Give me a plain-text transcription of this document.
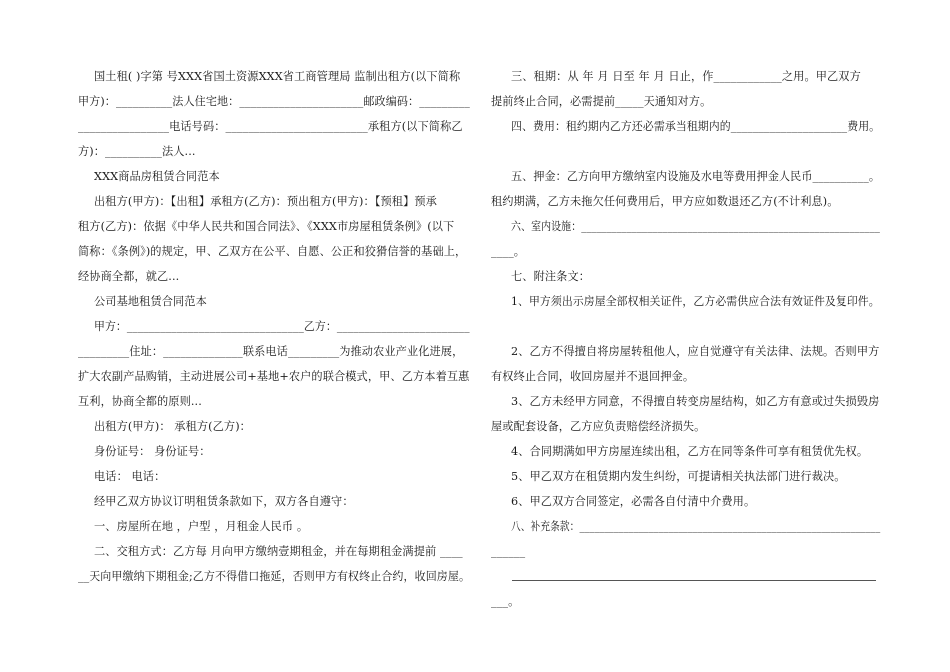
国土租( )字第 号XXX省国土资源XXX省工商管理局 监制出租方(以下简称
甲方)：__________法人住宅地：______________________邮政编码：_________
________________电话号码：_________________________承租方(以下简称乙
方)：__________法人...
XXX商品房租赁合同范本
出租方(甲方)：【出租】承租方(乙方)：预出租方(甲方)：【预租】预承
租方(乙方)：依据《中华人民共和国合同法》、《XXX市房屋租赁条例》(以下
简称：《条例》)的规定，甲、乙双方在公平、自愿、公正和狡猾信誉的基础上，
经协商全都，就乙...
公司基地租赁合同范本
甲方：________________________________乙方：________________________
_________住址：______________联系电话_________为推动农业产业化进展，
扩大农副产品购销，主动进展公司+基地+农户的联合模式，甲、乙方本着互惠
互利，协商全都的原则...
出租方(甲方)： 承租方(乙方)：
身份证号： 身份证号：
电话： 电话：
经甲乙双方协议订明租赁条款如下，双方各自遵守：
一、房屋所在地 ，户型 ，月租金人民币 。
二、交租方式：乙方每 月向甲方缴纳壹期租金，并在每期租金满提前 ____
__天向甲缴纳下期租金;乙方不得借口拖延，否则甲方有权终止合约，收回房屋。
三、租期：从 年 月 日至 年 月 日止，作____________之用。甲乙双方
提前终止合同，必需提前_____天通知对方。
四、费用：租约期内乙方还必需承当租期内的_____________________费用。
五、押金：乙方向甲方缴纳室内设施及水电等费用押金人民币__________。
租约期满，乙方未拖欠任何费用后，甲方应如数退还乙方(不计利息)。
六、室内设施：___________________________________________________________
____。
七、附注条文：
1、甲方须出示房屋全部权相关证件，乙方必需供应合法有效证件及复印件。
2、乙方不得擅自将房屋转租他人，应自觉遵守有关法律、法规。否则甲方
有权终止合同，收回房屋并不退回押金。
3、乙方未经甲方同意，不得擅自转变房屋结构，如乙方有意或过失损毁房
屋或配套设备，乙方应负责赔偿经济损失。
4、合同期满如甲方房屋连续出租，乙方在同等条件可享有租赁优先权。
5、甲乙双方在租赁期内发生纠纷，可提请相关执法部门进行裁决。
6、甲乙双方合同签定，必需各自付清中介费用。
八、补充条款：_____________________________________________________________
______
___。
